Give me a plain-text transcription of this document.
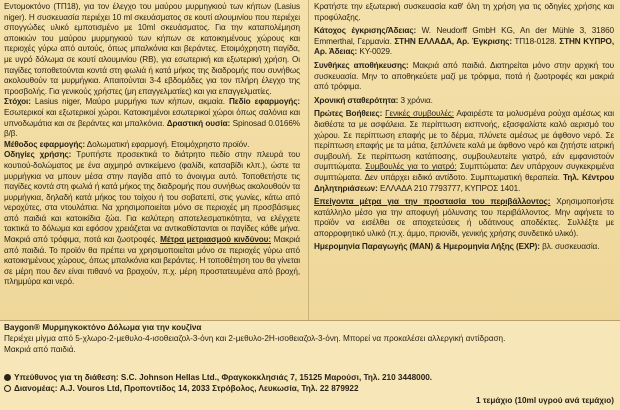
Εντομοκτόνο (ΤΠ18), για τον έλεγχο του μαύρου μυρμηγκιού των κήπων (Lasius niger). Η συσκευασία περιέχει 10 ml σκευάσματος σε κουτί αλουμινίου που περιέχει σπογγώδες υλικό εμποτισμένο με 10ml σκευάσματος. Για την καταπολέμηση αποικιών του μαύρου μυρμηγκιού των κήπων σε κατοικημένους χώρους και περιοχές γύρω από αυτούς, όπως μπαλκόνια και βεράντες. Ετοιμόχρηστη παγίδα, με υγρό δόλωμα σε κουτί αλουμινίου (RB), για εσωτερική και εξωτερική χρήση. Οι παγίδες τοποθετούνται κοντά στη φωλιά ή κατά μήκος της διαδρομής που συνήθως ακολουθούν τα μυρμήγκια. Απαιτούνται 3-4 εβδομάδες για τον πλήρη έλεγχο της προσβολής. Για γενικούς χρήστες (μη επαγγελματίες) και για επαγγελματίες.

Στόχοι: Lasius niger, Μαύρο μυρμήγκι των κήπων, ακμαία. Πεδίο εφαρμογής: Εσωτερικοί και εξωτερικοί χώροι. Κατοικημένοι εσωτερικοί χώροι όπως σαλόνια και υπνοδωμάτια και σε βεράντες και μπαλκόνια. Δραστική ουσία: Spinosad 0.0166% β/β.

Μέθοδος εφαρμογής: Δολωματική εφαρμογή. Ετοιμόχρηστο προϊόν.

Οδηγίες χρήσης: Τρυπήστε προσεκτικά το διάτρητο πεδίο στην πλευρά του κουτιού-δολώματος με ένα αιχμηρό αντικείμενο (φαλίδι, κατσαβίδι κλπ.), ώστε τα μυρμήγκια να μπουν μέσα στην παγίδα από το άνοιγμα αυτό. Τοποθετήστε τις παγίδες κοντά στη φωλιά ή κατά μήκος της διαδρομής που συνήθως ακολουθούν τα μυρμήγκια, δηλαδή κατά μήκος του τοίχου ή του σοβατεπί, στις γωνίες, κάτω από νεροχύτες, στα ντουλάπια. Να χρησιμοποιείται μόνο σε περιοχές μη προσβάσιμες από παιδιά και κατοικίδια ζώα. Για καλύτερη αποτελεσματικότητα, να ελέγχετε τακτικά το δόλωμα και εφόσον χρειάζεται να αντικαθίστανται οι παγίδες κάθε μήνα. Μακριά από τρόφιμα, ποτά και ζωοτροφές. Μέτρα μετριασμού κινδύνου: Μακριά από παιδιά. Το προϊόν θα πρέπει να χρησιμοποιείται μόνο σε περιοχές γύρω από κατοικημένους χώρους, όπως μπαλκόνια και βεράντες. Η τοποθέτηση του θα γίνεται σε μέρη που δεν είναι πιθανό να βραχούν, π.χ. μέρη προστατευμένα από βροχή, πλημμύρα και νερό.

Κρατήστε την εξωτερική συσκευασία καθ' όλη τη χρήση για τις οδηγίες χρήσης και προφύλαξης.

Κάτοχος έγκρισης/Άδειας: W. Neudorff GmbH KG, An der Mühle 3, 31860 Emmerthal, Γερμανία. ΣΤΗΝ ΕΛΛΑΔΑ, Αρ. Έγκρισης: ΤΠ18-0128. ΣΤΗΝ ΚΥΠΡΟ, Αρ. Άδειας: ΚΥ-0029.

Συνθήκες αποθήκευσης: Μακριά από παιδιά. Διατηρείται μόνο στην αρχική του συσκευασία. Μην το αποθηκεύετε μαζί με τρόφιμα, ποτά ή ζωοτροφές και μακριά από τρόφιμα.

Χρονική σταθερότητα: 3 χρόνια.

Πρώτες Βοήθειες: Γενικές συμβουλές: Αφαιρέστε τα μολυσμένα ρούχα αμέσως και διαθέστε τα με ασφάλεια. Σε περίπτωση εισπνοής, εξασφαλίστε καλό αερισμό του χώρου. Σε περίπτωση επαφής με το δέρμα, πλύνετε αμέσως με άφθονο νερό. Σε περίπτωση επαφής με τα μάτια, ξεπλύνετε καλά με άφθονο νερό και ζητήστε ιατρική συμβουλή. Σε περίπτωση κατάποσης, συμβουλευτείτε γιατρό, εάν εμφανιστούν συμπτώματα. Συμβουλές για το γιατρό: Συμπτώματα: Δεν υπάρχουν συγκεκριμένα συμπτώματα. Δεν υπάρχει ειδικό αντίδοτο. Συμπτωματική θεραπεία. Τηλ. Κέντρου Δηλητηριάσεων: ΕΛΛΑΔΑ 210 7793777, ΚΥΠΡΟΣ 1401.

Επείγοντα μέτρα για την προστασία του περιβάλλοντος: Χρησιμοποιήστε κατάλληλο μέσο για την αποφυγή μόλυνσης του περιβάλλοντος. Μην αφήνετε το προϊόν να εισέλθει σε αποχετεύσεις ή υδάτινους αποδέκτες. Συλλέξτε με απορροφητικό υλικό (π.χ. άμμο, πριονίδι, γενικής χρήσης συνδετικό υλικό).

Ημερομηνία Παραγωγής (ΜΑΝ) & Ημερομηνία Λήξης (EXP): βλ. συσκευασία.

Baygon® Μυρμηγκοκτόνο Δόλωμα για την κουζίνα
Περιέχει μίγμα από 5-χλωρο-2-μεθυλο-4-ισοθειαζολ-3-όνη και 2-μεθυλο-2Η-ισοθειαζολ-3-όνη. Μπορεί να προκαλέσει αλλεργική αντίδραση.
Μακριά από παιδιά.
Υπεύθυνος για τη διάθεση: S.C. Johnson Hellas Ltd., Φραγκοκκλησιάς 7, 15125 Μαρούσι, Τηλ. 210 3448000.
Διανομέας: A.J. Vouros Ltd, Προποντίδος 14, 2033 Στρόβολος, Λευκωσία, Τηλ. 22 879922
1 τεμάχιο (10ml υγρού ανά τεμάχιο)
